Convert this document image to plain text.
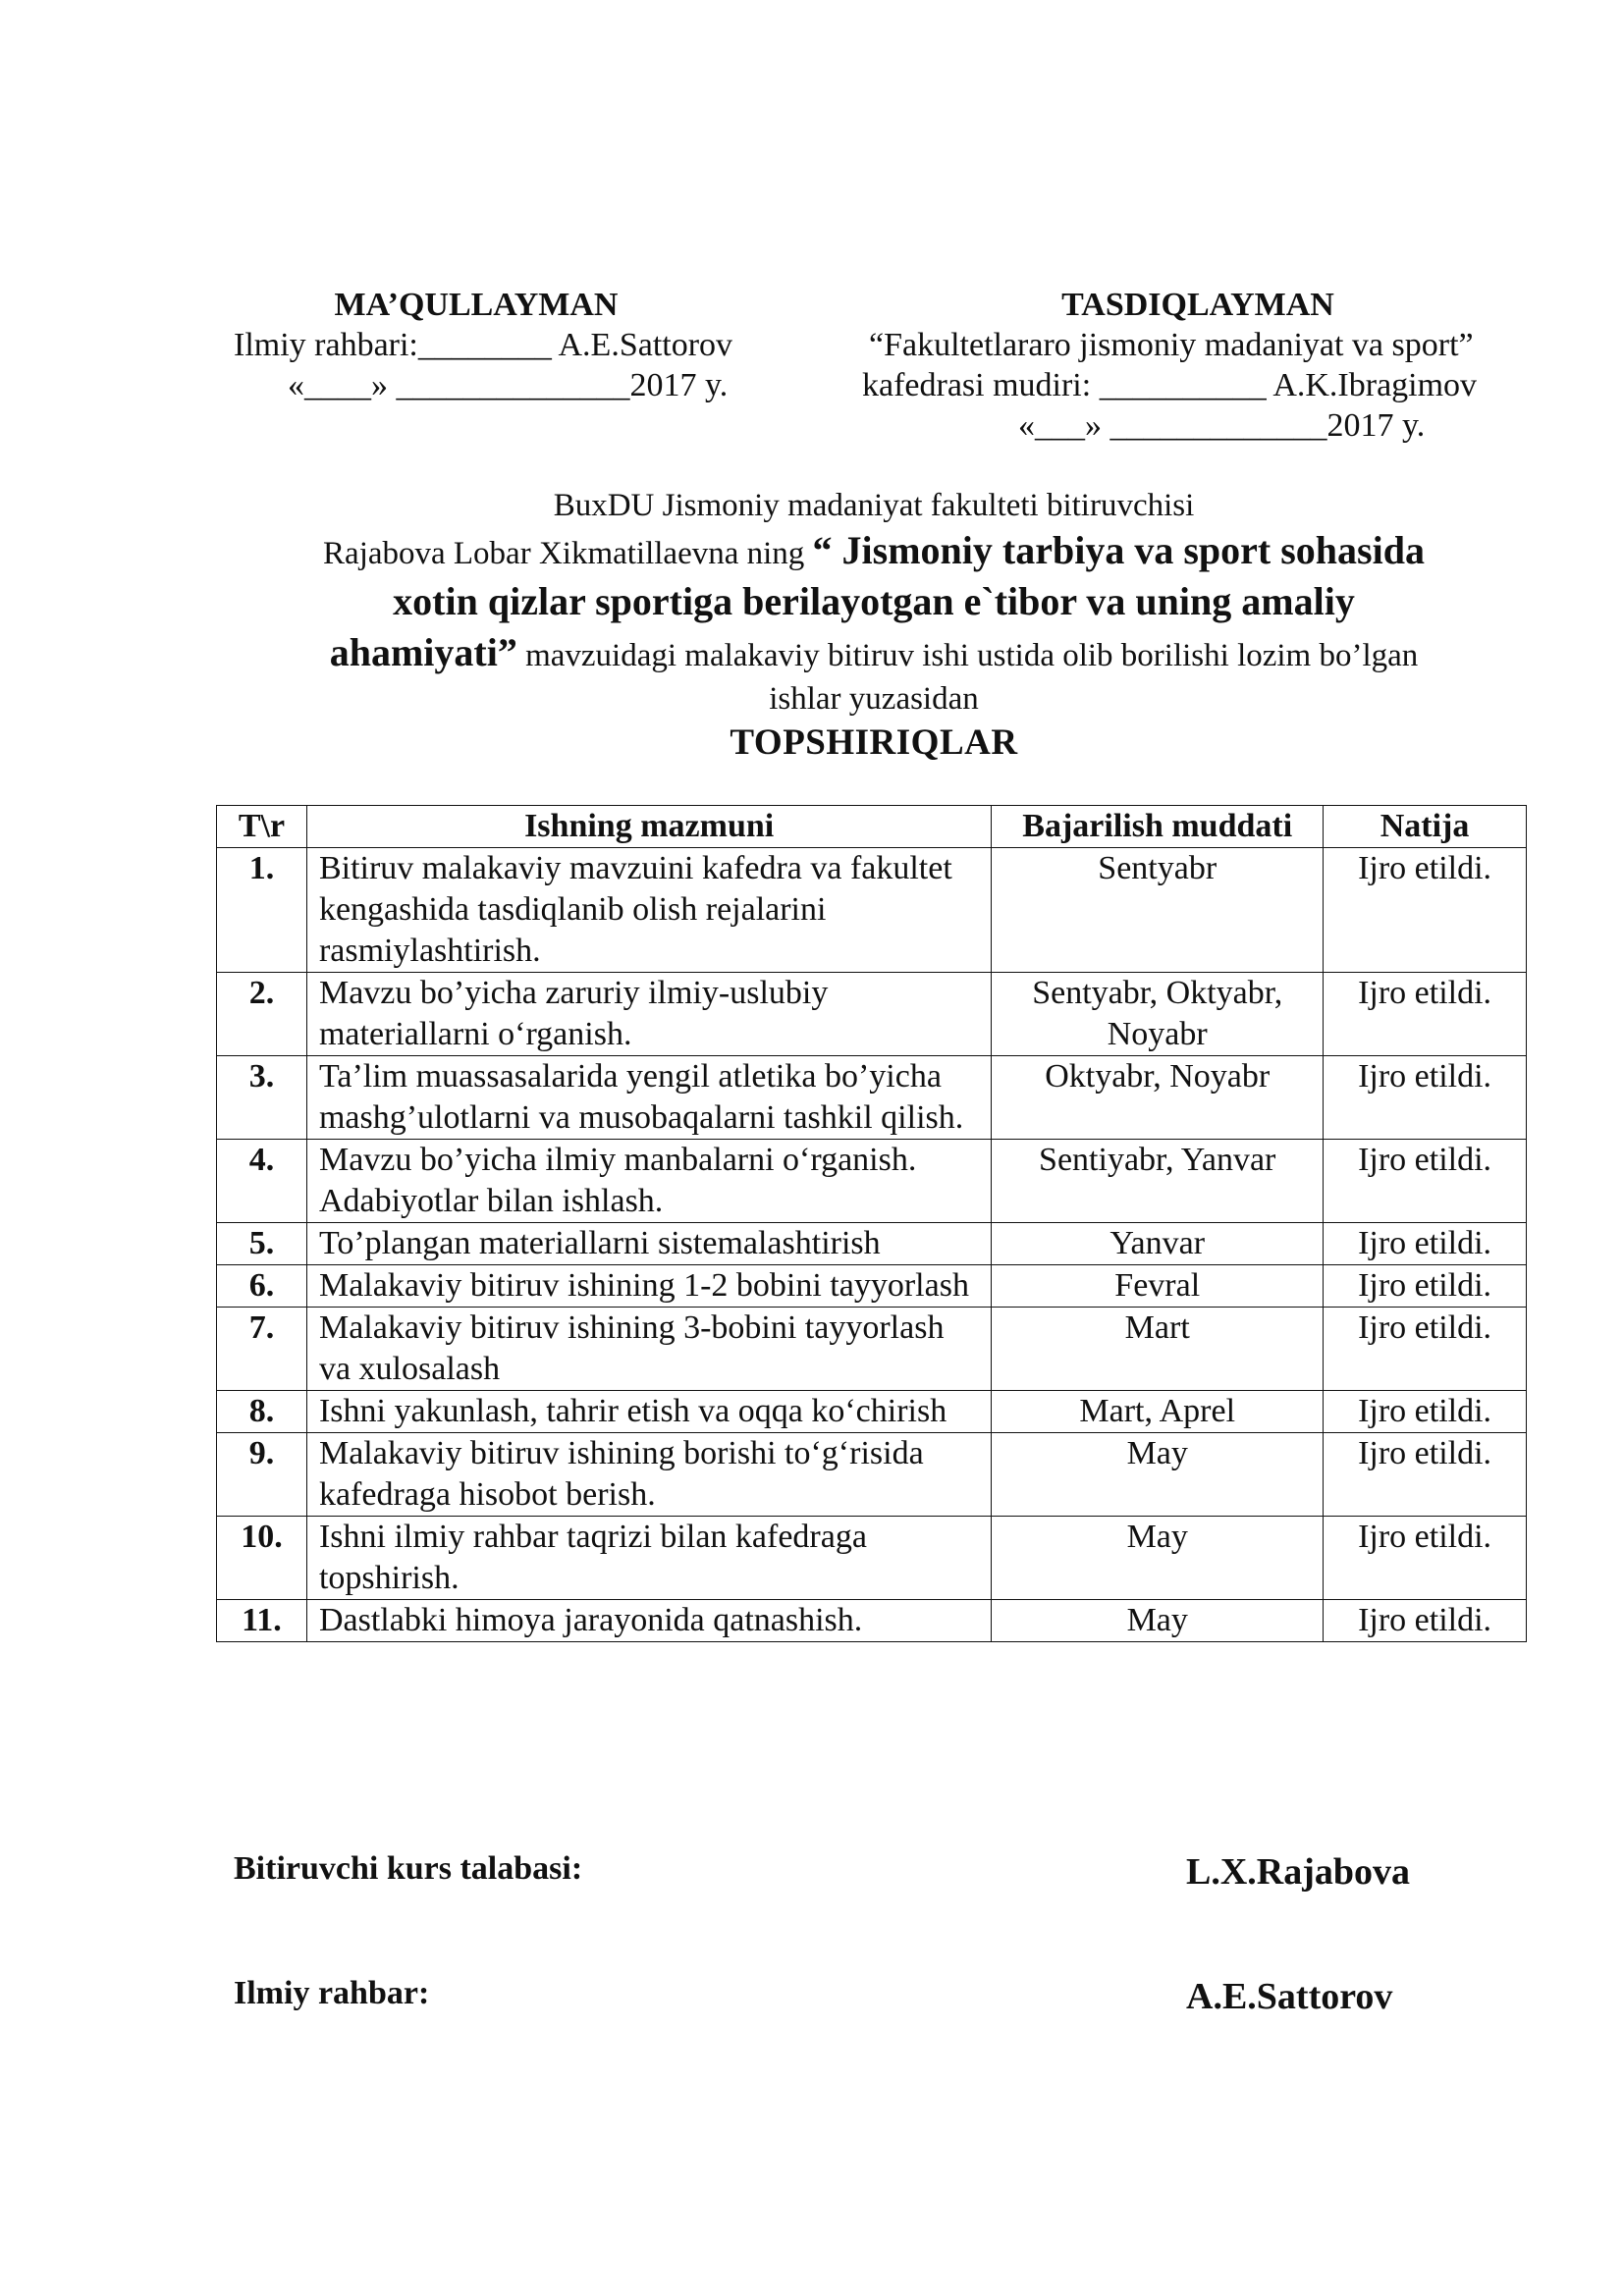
MA’QULLAYMAN
Ilmiy rahbari:________ A.E.Sattorov
«____» ______________2017 y.
TASDIQLAYMAN
“Fakultetlararo jismoniy madaniyat va sport”
kafedrasi mudiri: __________ A.K.Ibragimov
«___» _____________2017 y.
BuxDU Jismoniy madaniyat fakulteti bitiruvchisi
Rajabova Lobar Xikmatillaevna ning “ Jismoniy tarbiya va sport sohasida
xotin qizlar sportiga berilayotgan e`tibor va uning amaliy
ahamiyati” mavzuidagi malakaviy bitiruv ishi ustida olib borilishi lozim bo’lgan
ishlar yuzasidan
TOPSHIRIQLAR
T\r	Ishning mazmuni	Bajarilish muddati	Natija
1.	Bitiruv malakaviy mavzuini kafedra va fakultet kengashida tasdiqlanib olish rejalarini rasmiylashtirish.	Sentyabr	Ijro etildi.
2.	Mavzu bo’yicha zaruriy ilmiy-uslubiy materiallarni o‘rganish.	Sentyabr, Oktyabr, Noyabr	Ijro etildi.
3.	Ta’lim muassasalarida yengil atletika bo’yicha mashg’ulotlarni va musobaqalarni tashkil qilish.	Oktyabr, Noyabr	Ijro etildi.
4.	Mavzu bo’yicha ilmiy manbalarni o‘rganish. Adabiyotlar bilan ishlash.	Sentiyabr, Yanvar	Ijro etildi.
5.	To’plangan materiallarni sistemalashtirish	Yanvar	Ijro etildi.
6.	Malakaviy bitiruv ishining 1-2 bobini tayyorlash	Fevral	Ijro etildi.
7.	Malakaviy bitiruv ishining 3-bobini tayyorlash va xulosalash	Mart	Ijro etildi.
8.	Ishni yakunlash, tahrir etish va oqqa ko‘chirish	Mart, Aprel	Ijro etildi.
9.	Malakaviy bitiruv ishining borishi to‘g‘risida kafedraga hisobot berish.	May	Ijro etildi.
10.	Ishni ilmiy rahbar taqrizi bilan kafedraga topshirish.	May	Ijro etildi.
11.	Dastlabki himoya jarayonida qatnashish.	May	Ijro etildi.
Bitiruvchi kurs talabasi:	L.X.Rajabova
Ilmiy rahbar:	A.E.Sattorov
